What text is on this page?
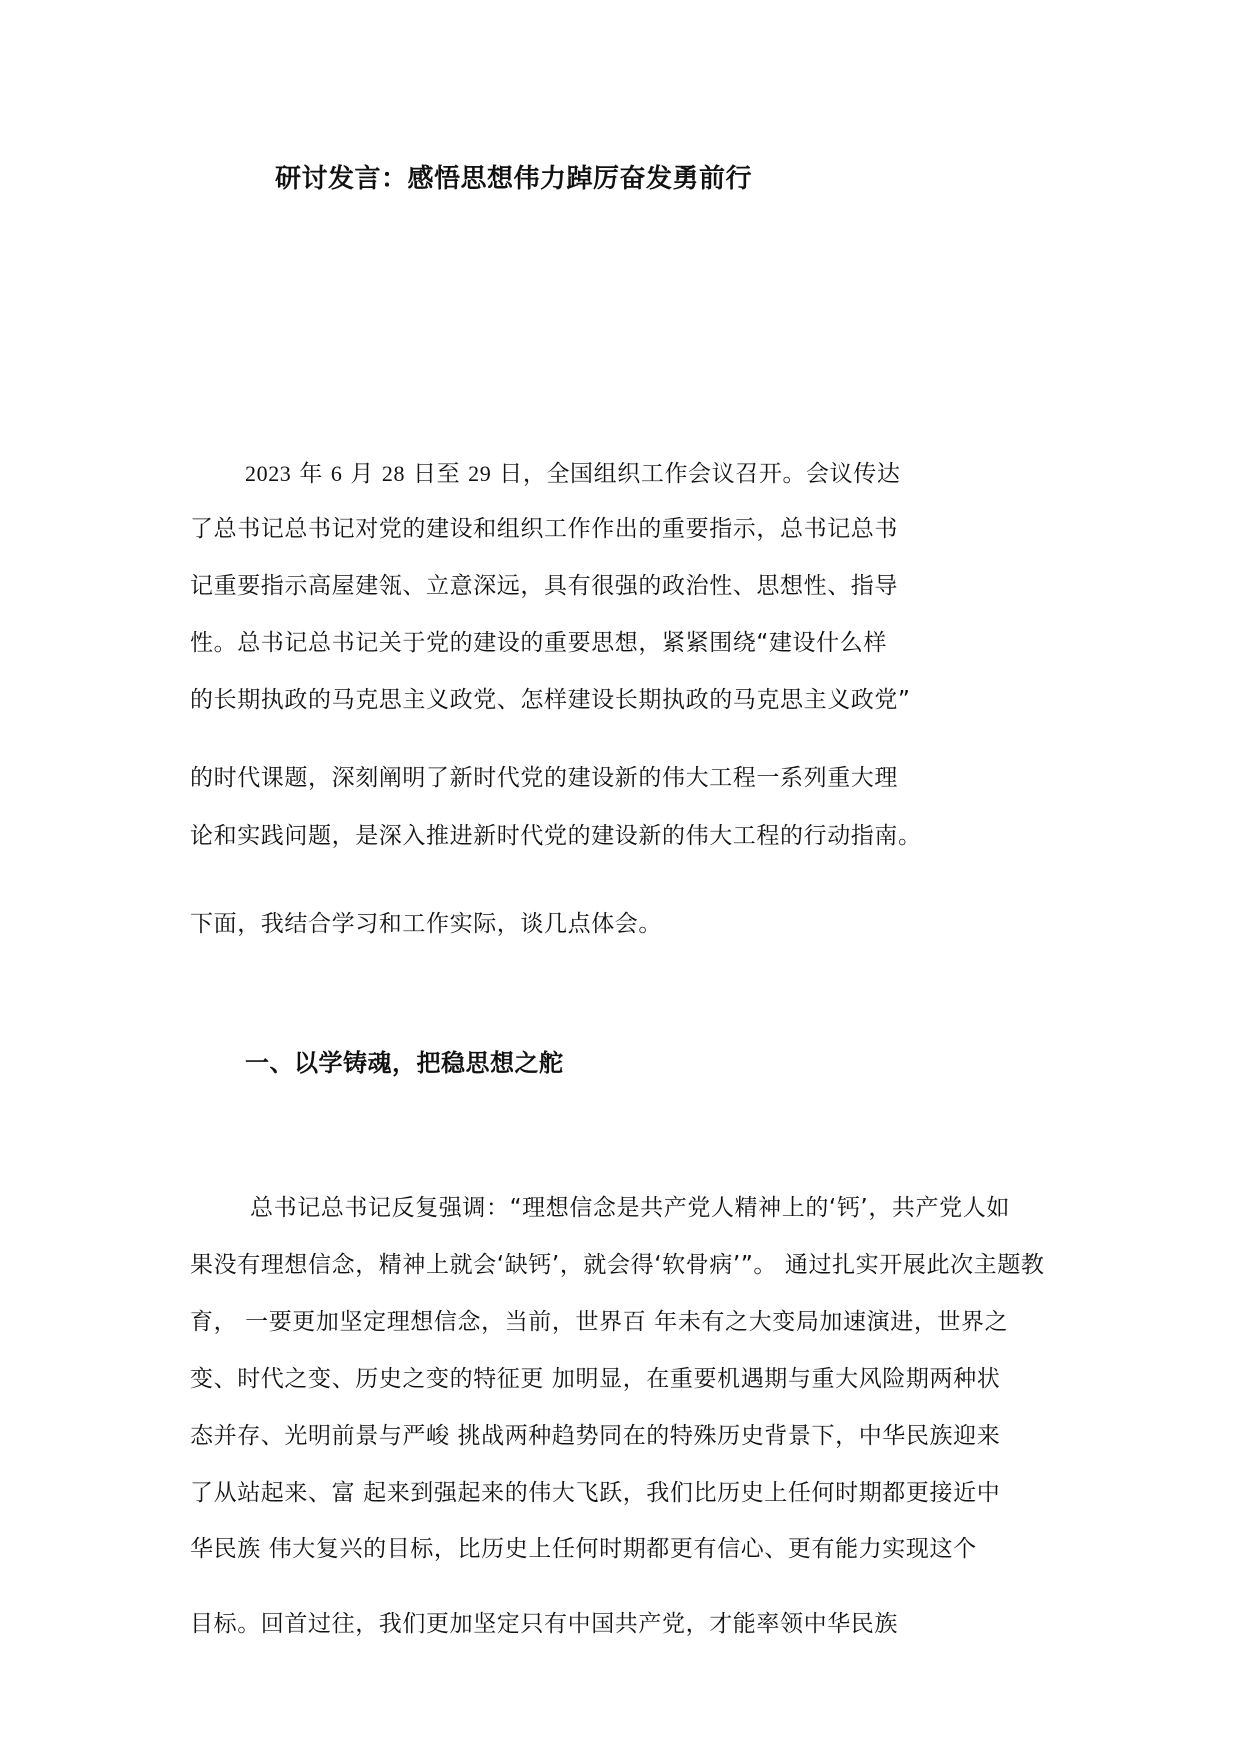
研讨发言：感悟思想伟力踔厉奋发勇前行
2023 年 6 月 28 日至 29 日，全国组织工作会议召开。会议传达
了总书记总书记对党的建设和组织工作作出的重要指示，总书记总书
记重要指示高屋建瓴、立意深远，具有很强的政治性、思想性、指导
性。总书记总书记关于党的建设的重要思想，紧紧围绕“建设什么样
的长期执政的马克思主义政党、怎样建设长期执政的马克思主义政党”
的时代课题，深刻阐明了新时代党的建设新的伟大工程一系列重大理
论和实践问题，是深入推进新时代党的建设新的伟大工程的行动指南。
下面，我结合学习和工作实际，谈几点体会。
一、以学铸魂，把稳思想之舵
总书记总书记反复强调：“理想信念是共产党人精神上的‘钙’，共产党人如
果没有理想信念，精神上就会‘缺钙’，就会得‘软骨病’”。 通过扎实开展此次主题教
育， 一要更加坚定理想信念，当前，世界百 年未有之大变局加速演进，世界之
变、时代之变、历史之变的特征更 加明显，在重要机遇期与重大风险期两种状
态并存、光明前景与严峻 挑战两种趋势同在的特殊历史背景下，中华民族迎来
了从站起来、富 起来到强起来的伟大飞跃，我们比历史上任何时期都更接近中
华民族 伟大复兴的目标，比历史上任何时期都更有信心、更有能力实现这个
目标。回首过往，我们更加坚定只有中国共产党，才能率领中华民族
